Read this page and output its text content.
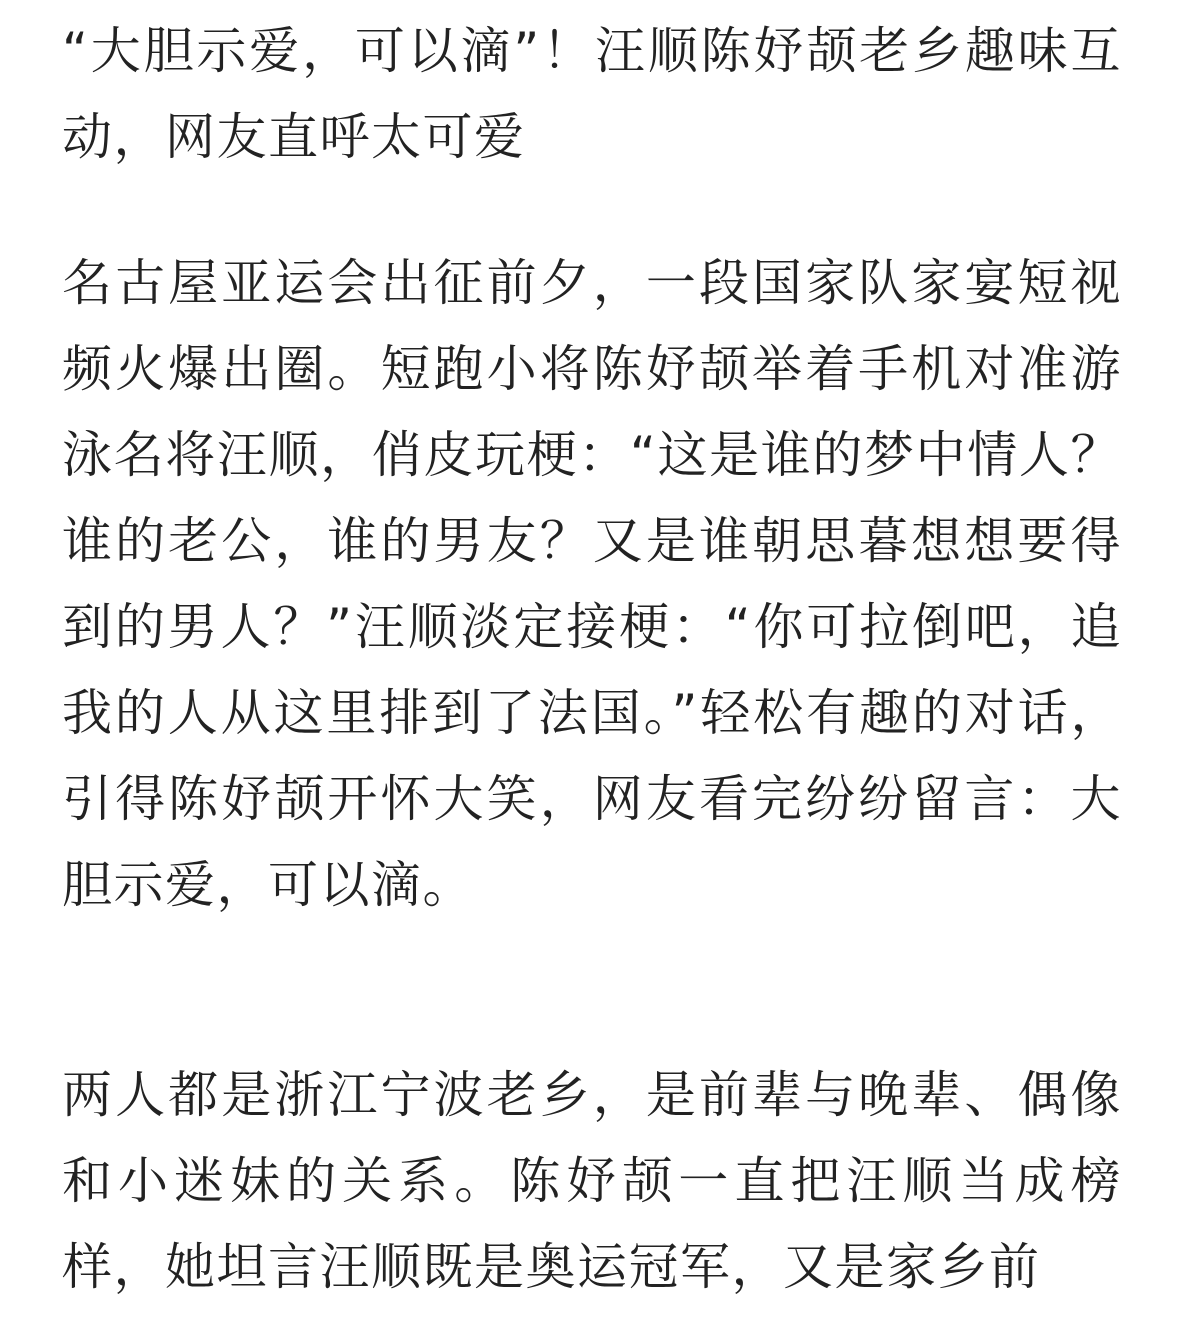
“大胆示爱，可以滴”！汪顺陈妤颉老乡趣味互动，网友直呼太可爱

名古屋亚运会出征前夕，一段国家队家宴短视频火爆出圈。短跑小将陈妤颉举着手机对准游泳名将汪顺，俏皮玩梗：“这是谁的梦中情人？谁的老公，谁的男友？又是谁朝思暮想想要得到的男人？”汪顺淡定接梗：“你可拉倒吧，追我的人从这里排到了法国。”轻松有趣的对话，引得陈妤颉开怀大笑，网友看完纷纷留言：大胆示爱，可以滴。

两人都是浙江宁波老乡，是前辈与晚辈、偶像和小迷妹的关系。陈妤颉一直把汪顺当成榜样，她坦言汪顺既是奥运冠军，又是家乡前
